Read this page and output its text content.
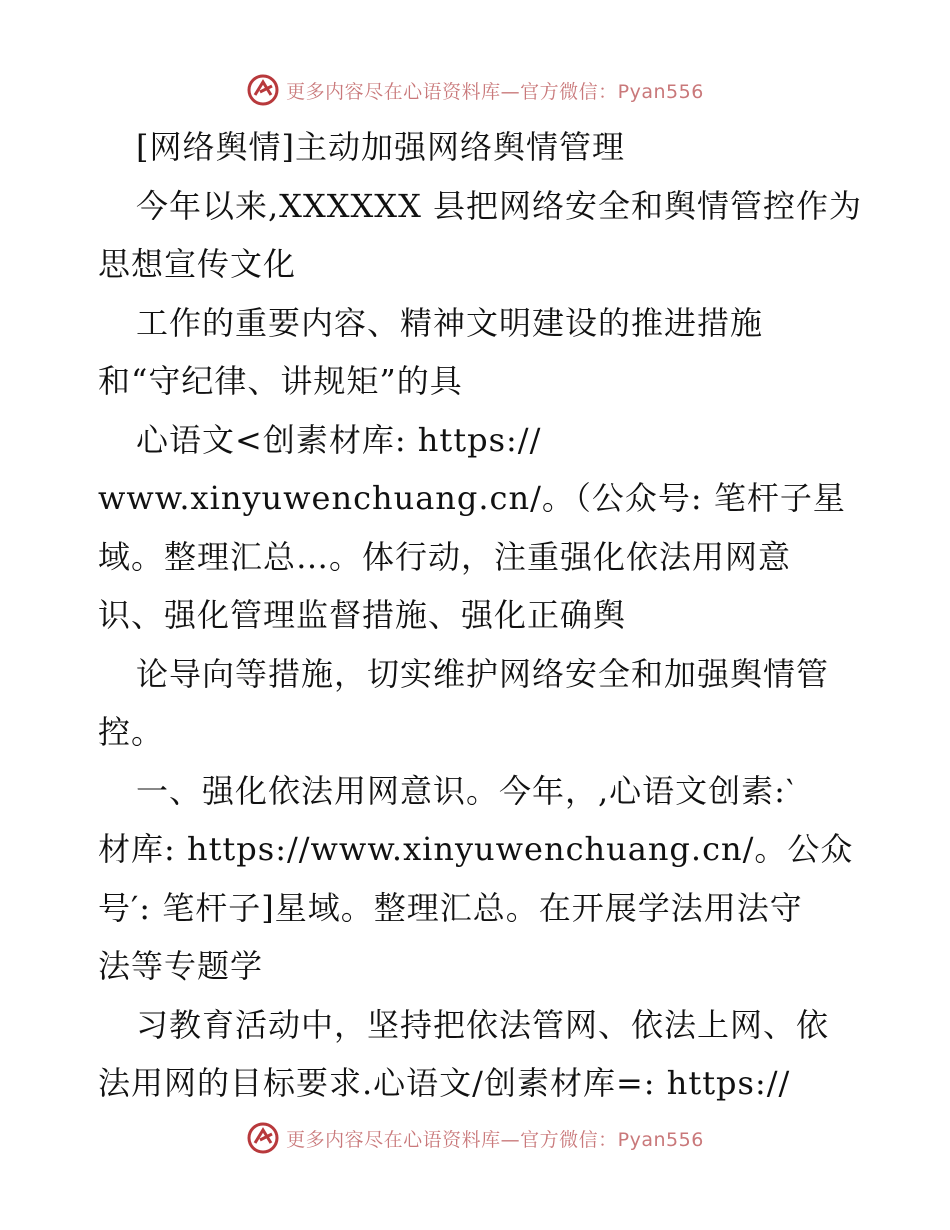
更多内容尽在心语资料库—官方微信：Pyan556
[网络舆情]主动加强网络舆情管理
今年以来,XXXXXX 县把网络安全和舆情管控作为
思想宣传文化
工作的重要内容、精神文明建设的推进措施
和“守纪律、讲规矩”的具
心语文<创素材库: https://
www.xinyuwenchuang.cn/。（公众号: 笔杆子星
域。整理汇总…。体行动，注重强化依法用网意
识、强化管理监督措施、强化正确舆
论导向等措施，切实维护网络安全和加强舆情管
控。
一、强化依法用网意识。今年，,心语文创素:‵
材库: https://www.xinyuwenchuang.cn/。公众
号′: 笔杆子]星域。整理汇总。在开展学法用法守
法等专题学
习教育活动中，坚持把依法管网、依法上网、依
法用网的目标要求.心语文/创素材库=: https://
更多内容尽在心语资料库—官方微信：Pyan556
